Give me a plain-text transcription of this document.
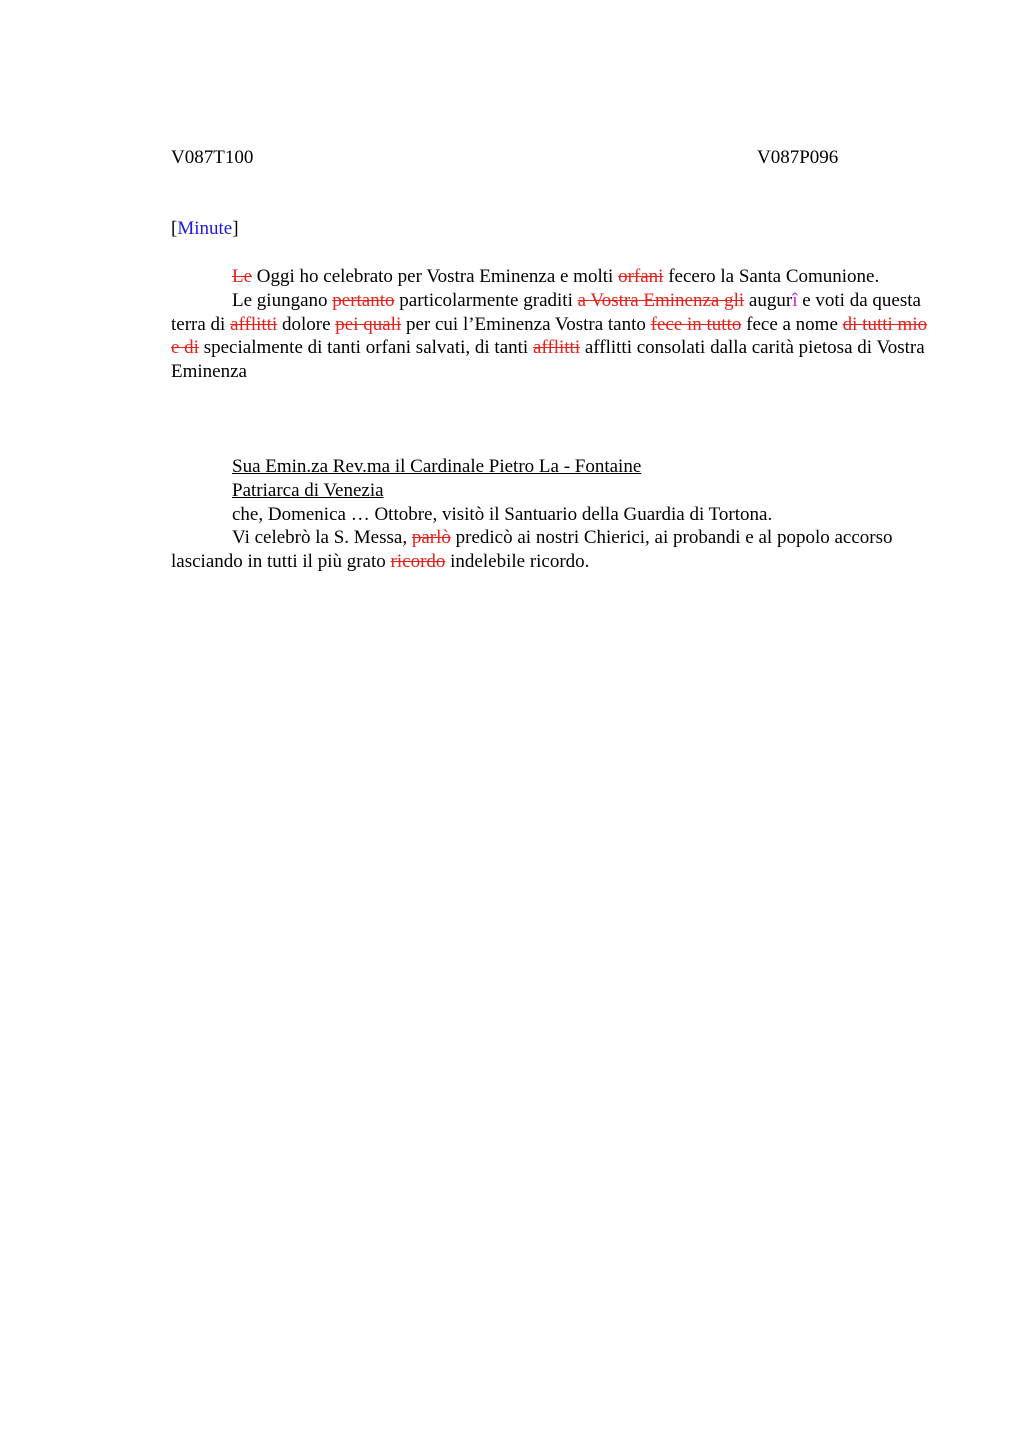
V087T100	V087P096
[Minute]

Le Oggi ho celebrato per Vostra Eminenza e molti orfani fecero la Santa Comunione.

Le giungano pertanto particolarmente graditi a Vostra Eminenza gli augurî e voti da questa terra di afflitti dolore pei quali per cui l’Eminenza Vostra tanto fece in tutto fece a nome di tutti mio e di specialmente di tanti orfani salvati, di tanti afflitti afflitti consolati dalla carità pietosa di Vostra Eminenza

Sua Emin.za Rev.ma il Cardinale Pietro La - Fontaine

Patriarca di Venezia

che, Domenica … Ottobre, visitò il Santuario della Guardia di Tortona.

Vi celebrò la S. Messa, parlò predicò ai nostri Chierici, ai probandi e al popolo accorso lasciando in tutti il più grato ricordo indelebile ricordo.
